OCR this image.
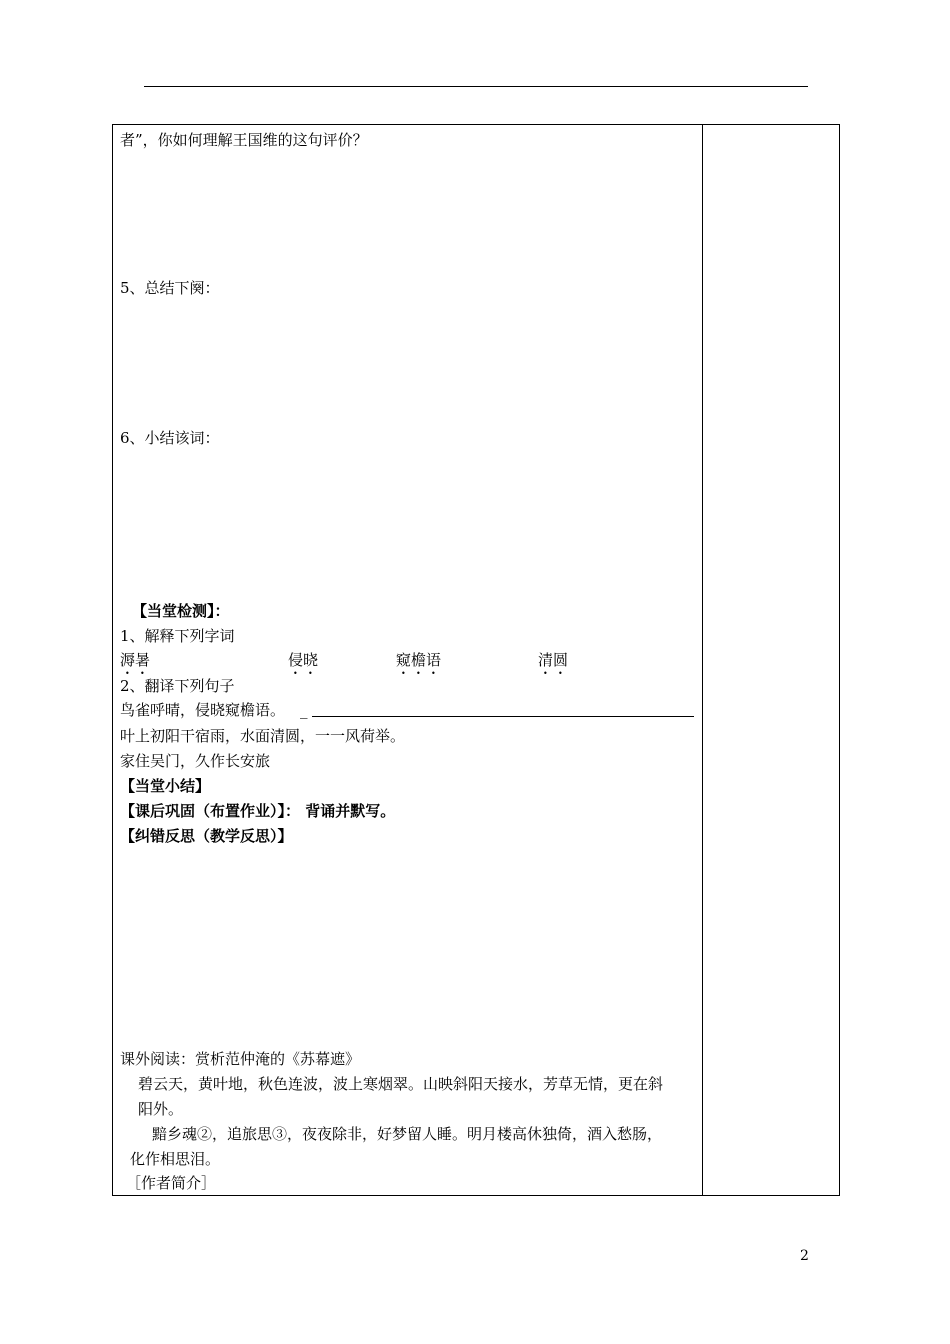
者”，你如何理解王国维的这句评价？
5、总结下阕：
6、小结该词：
【当堂检测】：
1、解释下列字词
溽暑	侵晓	窥檐语	清圆
2、翻译下列句子
鸟雀呼晴，侵晓窥檐语。 _
叶上初阳干宿雨，水面清圆，一一风荷举。
家住吴门，久作长安旅
【当堂小结】
【课后巩固（布置作业）】： 背诵并默写。
【纠错反思（教学反思）】
课外阅读：赏析范仲淹的《苏幕遮》
碧云天，黄叶地，秋色连波，波上寒烟翠。山映斜阳天接水，芳草无情，更在斜
阳外。
黯乡魂②，追旅思③，夜夜除非，好梦留人睡。明月楼高休独倚，酒入愁肠，
化作相思泪。
［作者简介］
2
